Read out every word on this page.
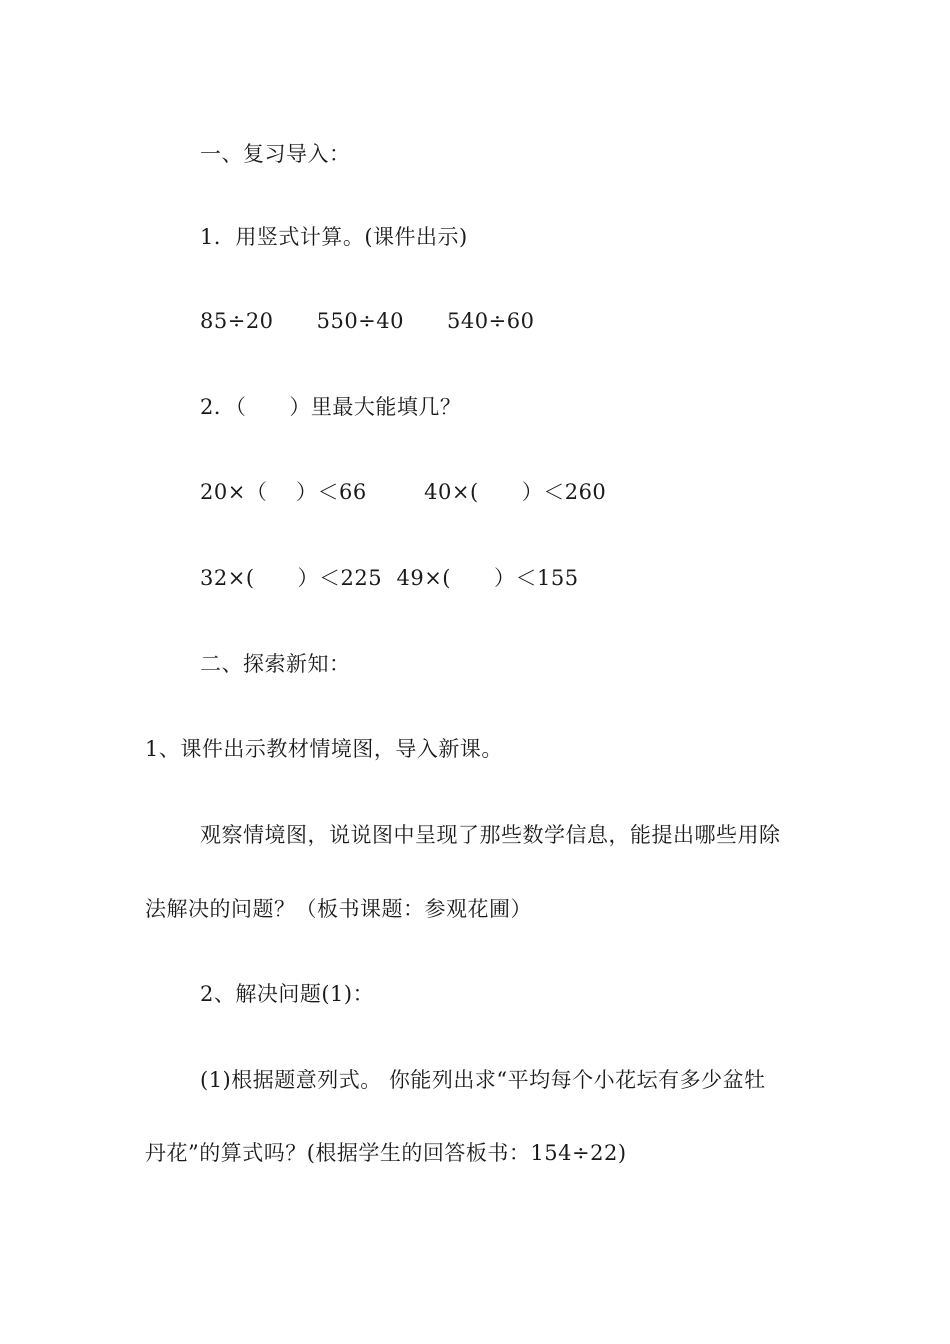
一、复习导入：
1．用竖式计算。(课件出示)
85÷20      550÷40      540÷60
2．（      ）里最大能填几？
20×（    ）＜66        40×(      ）＜260
32×(      ）＜225  49×(      ）＜155
二、探索新知：
1、课件出示教材情境图，导入新课。
观察情境图，说说图中呈现了那些数学信息，能提出哪些用除
法解决的问题？（板书课题：参观花圃）
2、解决问题(1)：
(1)根据题意列式。 你能列出求“平均每个小花坛有多少盆牡
丹花”的算式吗？(根据学生的回答板书：154÷22)
